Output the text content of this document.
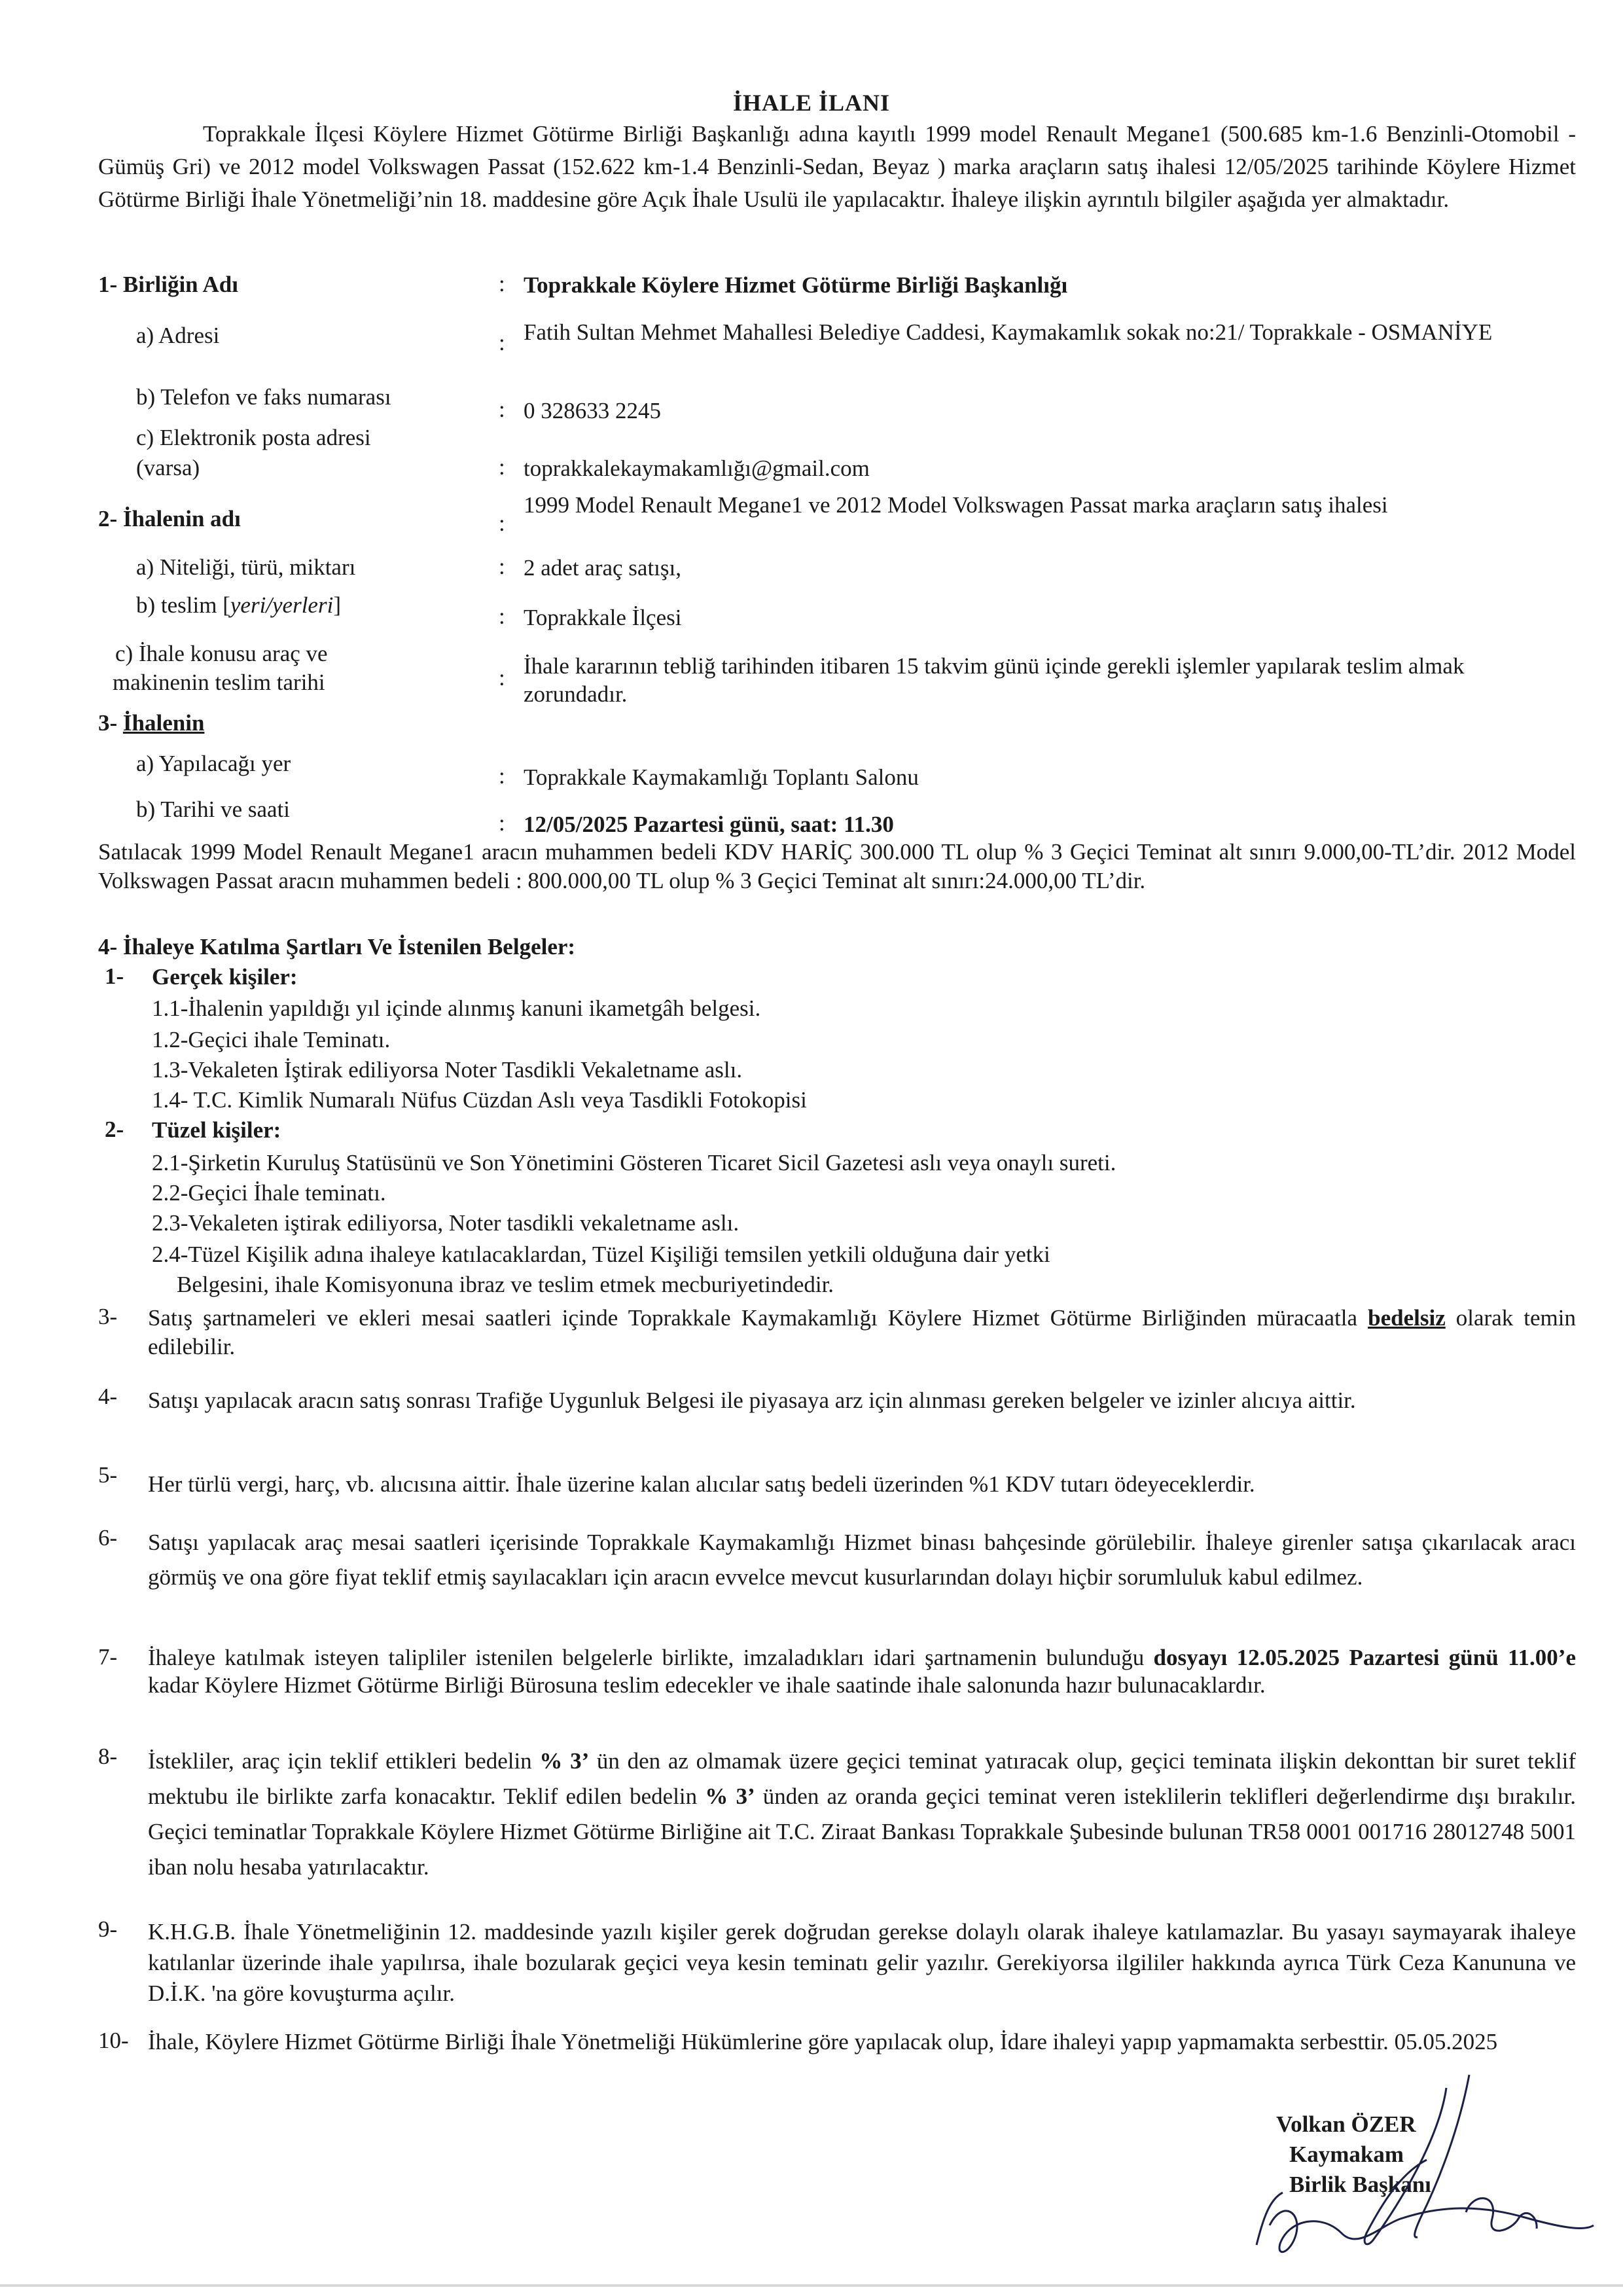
İHALE İLANI
Toprakkale İlçesi Köylere Hizmet Götürme Birliği Başkanlığı adına kayıtlı 1999 model Renault Megane1 (500.685 km-1.6 Benzinli-Otomobil -Gümüş Gri) ve 2012 model Volkswagen Passat (152.622 km-1.4 Benzinli-Sedan, Beyaz ) marka araçların satış ihalesi 12/05/2025 tarihinde Köylere Hizmet Götürme Birliği İhale Yönetmeliği’nin 18. maddesine göre Açık İhale Usulü ile yapılacaktır. İhaleye ilişkin ayrıntılı bilgiler aşağıda yer almaktadır.
1- Birliğin Adı	: Toprakkale Köylere Hizmet Götürme Birliği Başkanlığı
a) Adresi	: Fatih Sultan Mehmet Mahallesi Belediye Caddesi, Kaymakamlık sokak no:21/ Toprakkale - OSMANİYE
b) Telefon ve faks numarası	: 0 328633 2245
c) Elektronik posta adresi
(varsa)	: toprakkalekaymakamlığı@gmail.com
2- İhalenin adı	:
1999 Model Renault Megane1 ve 2012 Model Volkswagen Passat marka araçların satış ihalesi
a) Niteliği, türü, miktarı	: 2 adet araç satışı,
b) teslim [yeri/yerleri]	: Toprakkale İlçesi
c) İhale konusu araç ve
makinenin teslim tarihi	: İhale kararının tebliğ tarihinden itibaren 15 takvim günü içinde gerekli işlemler yapılarak teslim almak zorundadır.
3- İhalenin
a) Yapılacağı yer	: Toprakkale Kaymakamlığı Toplantı Salonu
b) Tarihi ve saati
: 12/05/2025 Pazartesi günü, saat: 11.30
Satılacak 1999 Model Renault Megane1 aracın muhammen bedeli KDV HARİÇ 300.000 TL olup % 3 Geçici Teminat alt sınırı 9.000,00-TL’dir. 2012 Model Volkswagen Passat aracın muhammen bedeli : 800.000,00 TL olup % 3 Geçici Teminat alt sınırı:24.000,00 TL’dir.
4- İhaleye Katılma Şartları Ve İstenilen Belgeler:
1- Gerçek kişiler:
1.1-İhalenin yapıldığı yıl içinde alınmış kanuni ikametgâh belgesi.
1.2-Geçici ihale Teminatı.
1.3-Vekaleten İştirak ediliyorsa Noter Tasdikli Vekaletname aslı.
1.4- T.C. Kimlik Numaralı Nüfus Cüzdan Aslı veya Tasdikli Fotokopisi
2- Tüzel kişiler:
2.1-Şirketin Kuruluş Statüsünü ve Son Yönetimini Gösteren Ticaret Sicil Gazetesi aslı veya onaylı sureti.
2.2-Geçici İhale teminatı.
2.3-Vekaleten iştirak ediliyorsa, Noter tasdikli vekaletname aslı.
2.4-Tüzel Kişilik adına ihaleye katılacaklardan, Tüzel Kişiliği temsilen yetkili olduğuna dair yetki
Belgesini, ihale Komisyonuna ibraz ve teslim etmek mecburiyetindedir.
3- Satış şartnameleri ve ekleri mesai saatleri içinde Toprakkale Kaymakamlığı Köylere Hizmet Götürme Birliğinden müracaatla bedelsiz olarak temin edilebilir.
4- Satışı yapılacak aracın satış sonrası Trafiğe Uygunluk Belgesi ile piyasaya arz için alınması gereken belgeler ve izinler alıcıya aittir.
5- Her türlü vergi, harç, vb. alıcısına aittir. İhale üzerine kalan alıcılar satış bedeli üzerinden %1 KDV tutarı ödeyeceklerdir.
6- Satışı yapılacak araç mesai saatleri içerisinde Toprakkale Kaymakamlığı Hizmet binası bahçesinde görülebilir. İhaleye girenler satışa çıkarılacak aracı görmüş ve ona göre fiyat teklif etmiş sayılacakları için aracın evvelce mevcut kusurlarından dolayı hiçbir sorumluluk kabul edilmez.
7- İhaleye katılmak isteyen talipliler istenilen belgelerle birlikte, imzaladıkları idari şartnamenin bulunduğu dosyayı 12.05.2025 Pazartesi günü 11.00’e kadar Köylere Hizmet Götürme Birliği Bürosuna teslim edecekler ve ihale saatinde ihale salonunda hazır bulunacaklardır.
8- İstekliler, araç için teklif ettikleri bedelin % 3’ ün den az olmamak üzere geçici teminat yatıracak olup, geçici teminata ilişkin dekonttan bir suret teklif mektubu ile birlikte zarfa konacaktır. Teklif edilen bedelin % 3’ ünden az oranda geçici teminat veren isteklilerin teklifleri değerlendirme dışı bırakılır. Geçici teminatlar Toprakkale Köylere Hizmet Götürme Birliğine ait T.C. Ziraat Bankası Toprakkale Şubesinde bulunan TR58 0001 001716 28012748 5001 iban nolu hesaba yatırılacaktır.
9- K.H.G.B. İhale Yönetmeliğinin 12. maddesinde yazılı kişiler gerek doğrudan gerekse dolaylı olarak ihaleye katılamazlar. Bu yasayı saymayarak ihaleye katılanlar üzerinde ihale yapılırsa, ihale bozularak geçici veya kesin teminatı gelir yazılır. Gerekiyorsa ilgililer hakkında ayrıca Türk Ceza Kanununa ve D.İ.K. 'na göre kovuşturma açılır.
10- İhale, Köylere Hizmet Götürme Birliği İhale Yönetmeliği Hükümlerine göre yapılacak olup, İdare ihaleyi yapıp yapmamakta serbesttir. 05.05.2025
Volkan ÖZER
Kaymakam
Birlik Başkanı
